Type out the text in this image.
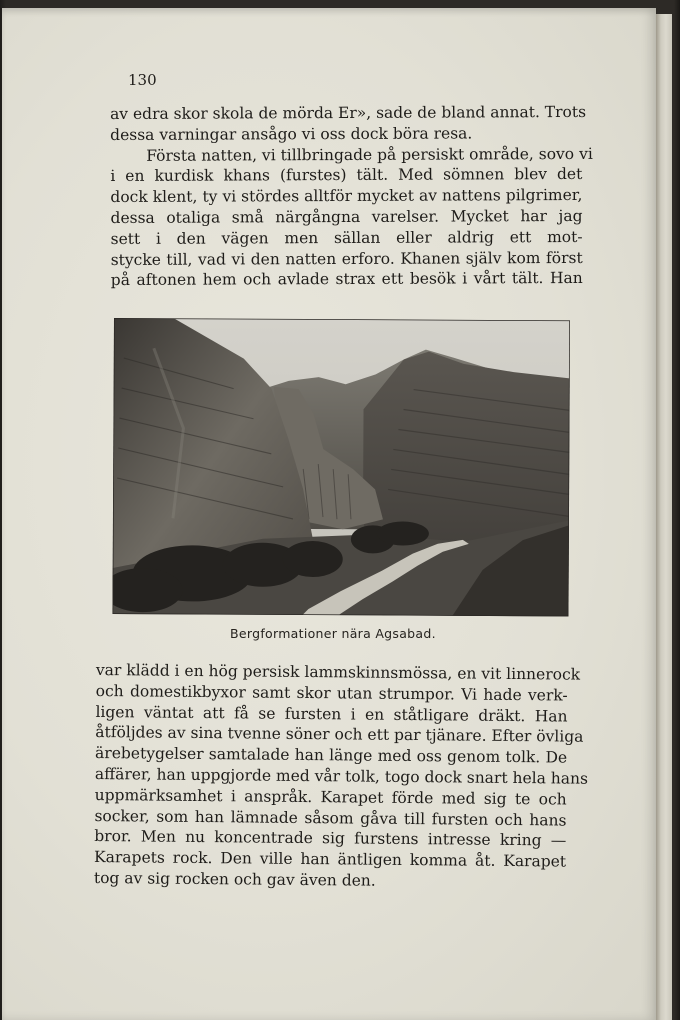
130
av edra skor skola de mörda Er», sade de bland annat. Trots
dessa varningar ansågo vi oss dock böra resa.
Första natten, vi tillbringade på persiskt område, sovo vi
i en kurdisk khans (furstes) tält. Med sömnen blev det
dock klent, ty vi stördes alltför mycket av nattens pilgrimer,
dessa otaliga små närgångna varelser. Mycket har jag
sett i den vägen men sällan eller aldrig ett mot-
stycke till, vad vi den natten erforo. Khanen själv kom först
på aftonen hem och avlade strax ett besök i vårt tält. Han
Bergformationer nära Agsabad.
var klädd i en hög persisk lammskinnsmössa, en vit linnerock
och domestikbyxor samt skor utan strumpor. Vi hade verk-
ligen väntat att få se fursten i en ståtligare dräkt. Han
åtföljdes av sina tvenne söner och ett par tjänare. Efter övliga
ärebetygelser samtalade han länge med oss genom tolk. De
affärer, han uppgjorde med vår tolk, togo dock snart hela hans
uppmärksamhet i anspråk. Karapet förde med sig te och
socker, som han lämnade såsom gåva till fursten och hans
bror. Men nu koncentrade sig furstens intresse kring —
Karapets rock. Den ville han äntligen komma åt. Karapet
tog av sig rocken och gav även den.
